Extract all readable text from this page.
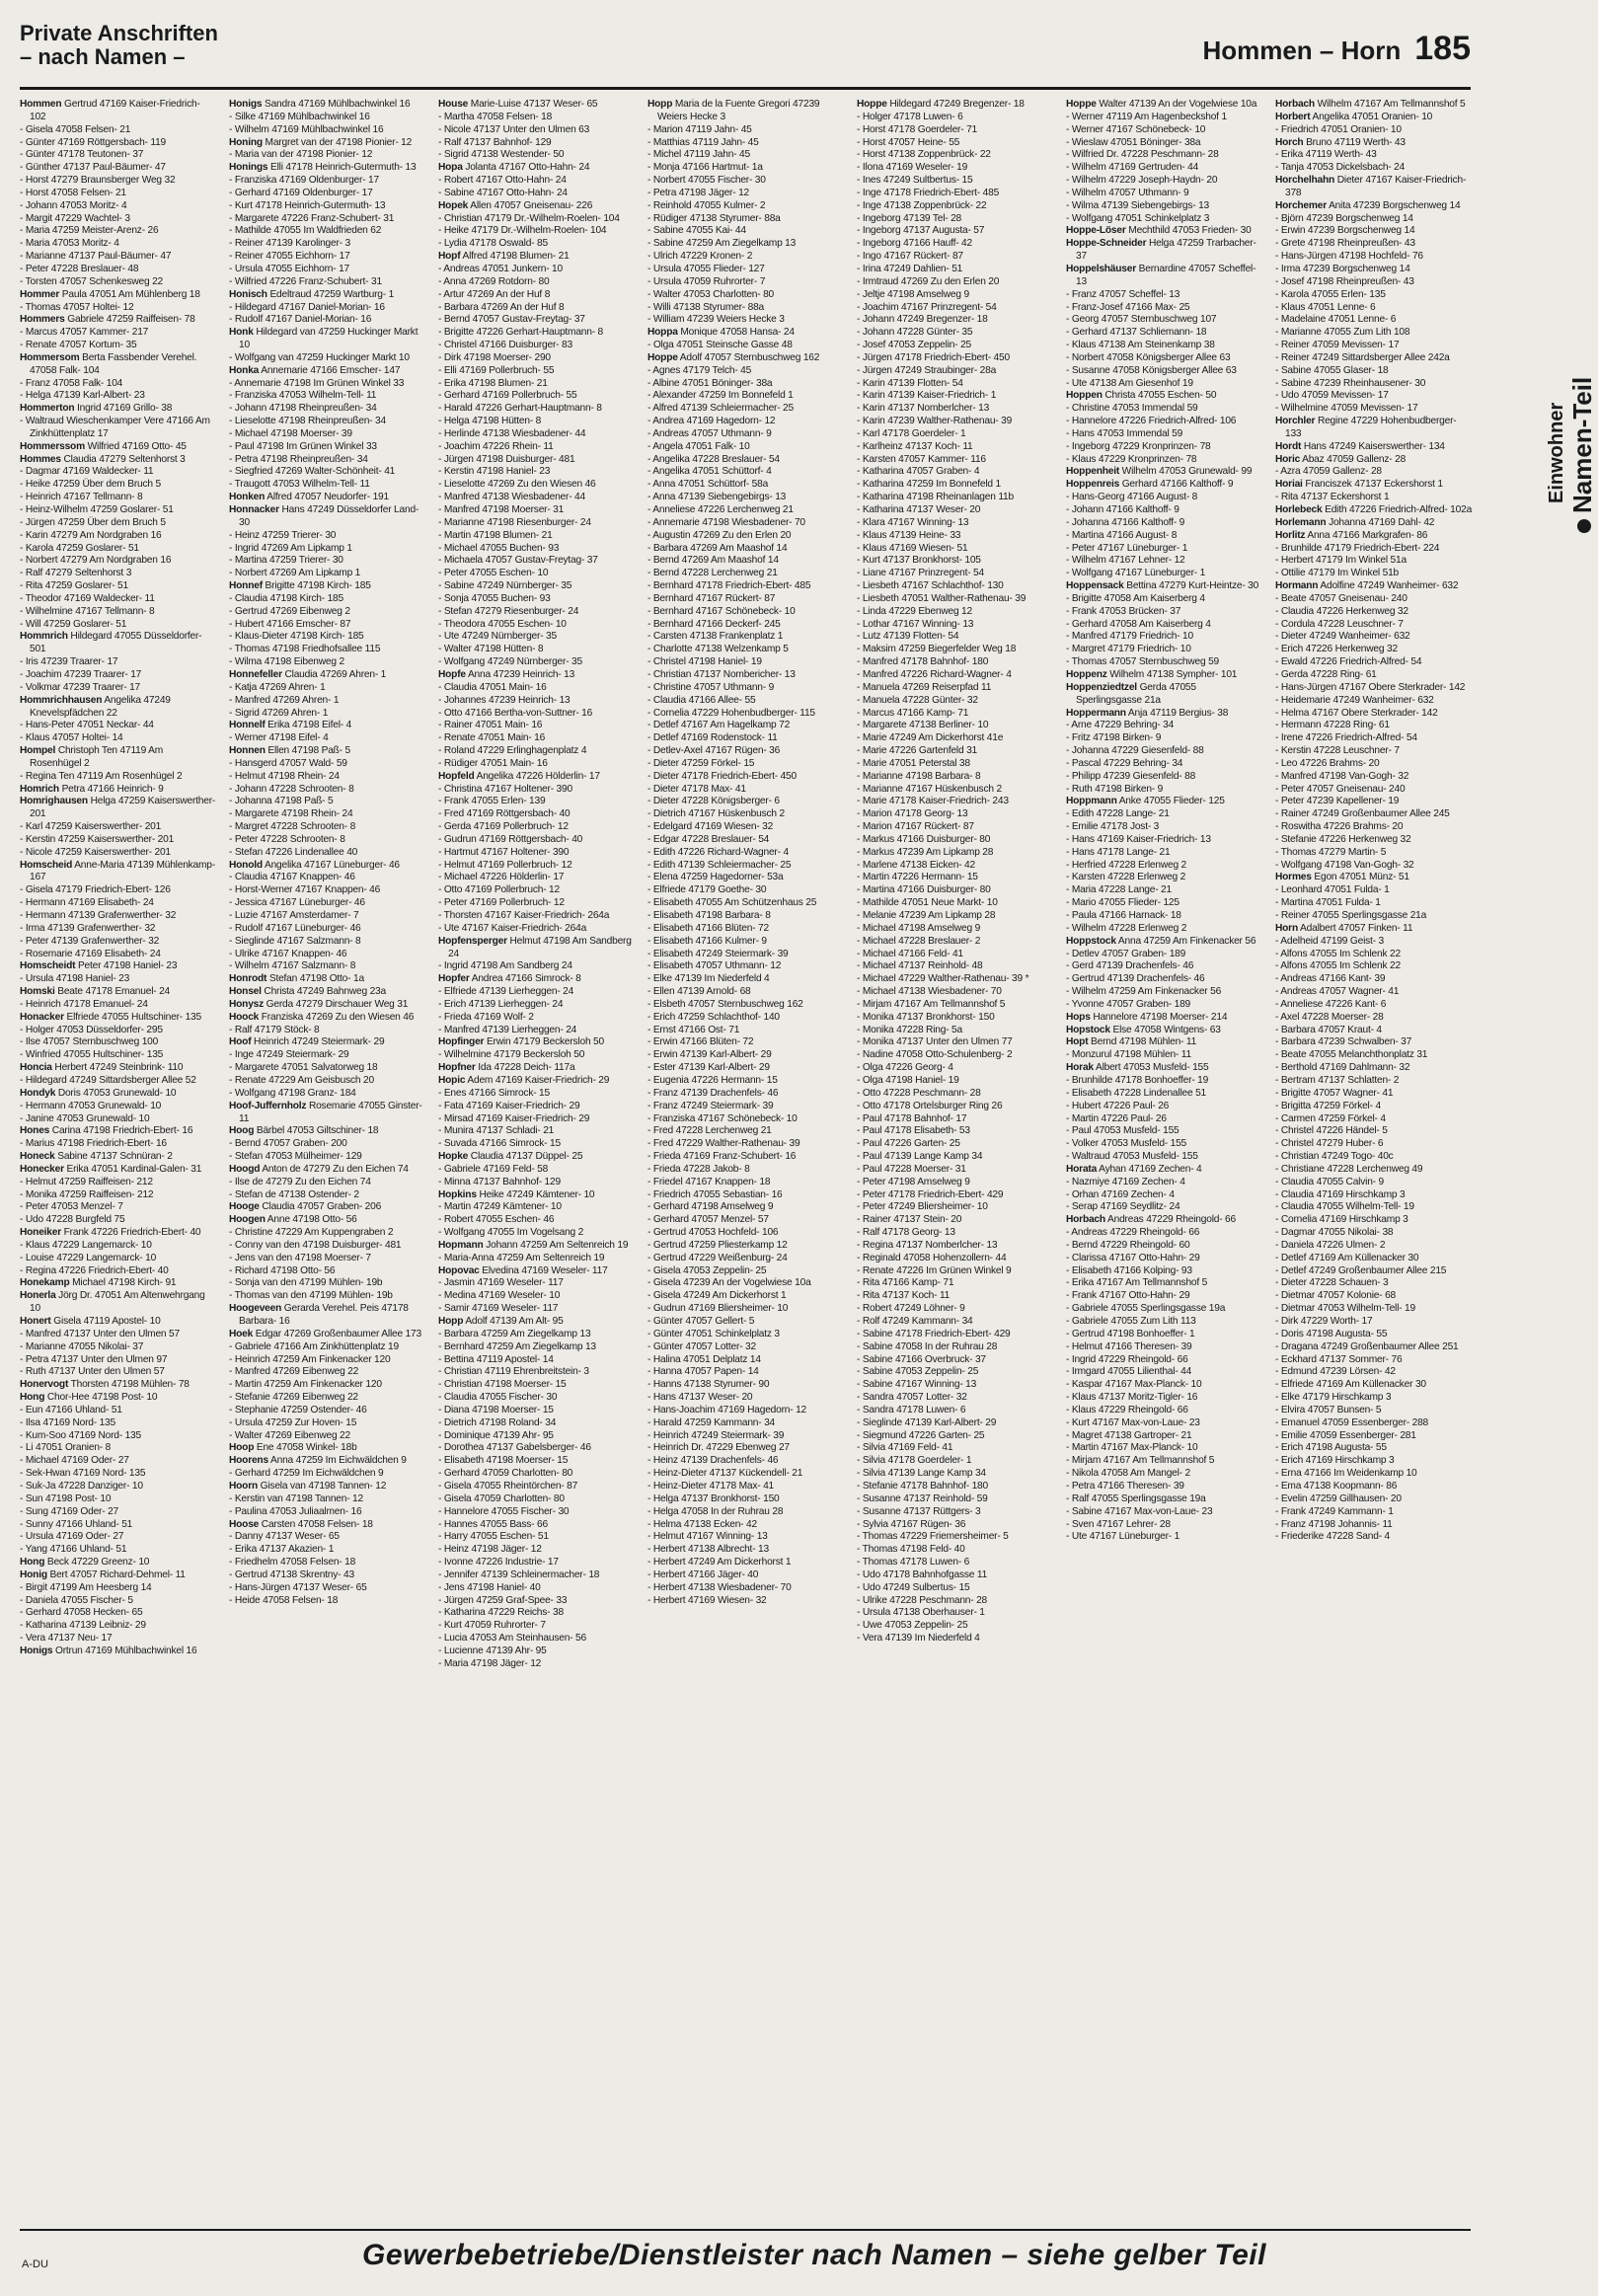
Private Anschriften
– nach Namen –	Hommen – Horn 185

Hommen Gertrud 47169 Kaiser-Friedrich- 102

- Gisela 47058 Felsen- 21

- Günter 47169 Röttgersbach- 119

- Günter 47178 Teutonen- 37

- Günther 47137 Paul-Bäumer- 47

- Horst 47279 Braunsberger Weg 32

- Horst 47058 Felsen- 21

- Johann 47053 Moritz- 4

- Margit 47229 Wachtel- 3

- Maria 47259 Meister-Arenz- 26

- Maria 47053 Moritz- 4

- Marianne 47137 Paul-Bäumer- 47

- Peter 47228 Breslauer- 48

- Torsten 47057 Schenkesweg 22

Hommer Paula 47051 Am Mühlenberg 18

- Thomas 47057 Holtei- 12

Hommers Gabriele 47259 Raiffeisen- 78

- Marcus 47057 Kammer- 217

- Renate 47057 Kortum- 35

Hommersom Berta Fassbender Verehel. 47058 Falk- 104

- Franz 47058 Falk- 104

- Helga 47139 Karl-Albert- 23

Hommerton Ingrid 47169 Grillo- 38

- Waltraud Wieschenkamper Vere 47166 Am Zinkhüttenplatz 17

Hommerssom Wilfried 47169 Otto- 45

Hommes Claudia 47279 Seltenhorst 3

- Dagmar 47169 Waldecker- 11

- Heike 47259 Über dem Bruch 5

- Heinrich 47167 Tellmann- 8

- Heinz-Wilhelm 47259 Goslarer- 51

- Jürgen 47259 Über dem Bruch 5

- Karin 47279 Am Nordgraben 16

- Karola 47259 Goslarer- 51

- Norbert 47279 Am Nordgraben 16

- Ralf 47279 Seltenhorst 3

- Rita 47259 Goslarer- 51

- Theodor 47169 Waldecker- 11

- Wilhelmine 47167 Tellmann- 8

- Will 47259 Goslarer- 51

Hommrich Hildegard 47055 Düsseldorfer- 501

- Iris 47239 Traarer- 17

- Joachim 47239 Traarer- 17

- Volkmar 47239 Traarer- 17

Hommrichhausen Angelika 47249 Knevelspfädchen 22

- Hans-Peter 47051 Neckar- 44

- Klaus 47057 Holtei- 14

Hompel Christoph Ten 47119 Am Rosenhügel 2

- Regina Ten 47119 Am Rosenhügel 2

Homrich Petra 47166 Heinrich- 9

Homrighausen Helga 47259 Kaiserswerther- 201

- Karl 47259 Kaiserswerther- 201

- Kerstin 47259 Kaiserswerther- 201

- Nicole 47259 Kaiserswerther- 201

Homscheid Anne-Maria 47139 Mühlenkamp- 167

- Gisela 47179 Friedrich-Ebert- 126

- Hermann 47169 Elisabeth- 24

- Hermann 47139 Grafenwerther- 32

- Irma 47139 Grafenwerther- 32

- Peter 47139 Grafenwerther- 32

- Rosemarie 47169 Elisabeth- 24

Homscheidt Peter 47198 Haniel- 23

- Ursula 47198 Haniel- 23

Homski Beate 47178 Emanuel- 24

- Heinrich 47178 Emanuel- 24

Honacker Elfriede 47055 Hultschiner- 135

- Holger 47053 Düsseldorfer- 295

- Ilse 47057 Sternbuschweg 100

- Winfried 47055 Hultschiner- 135

Honcia Herbert 47249 Steinbrink- 110

- Hildegard 47249 Sittardsberger Allee 52

Hondyk Doris 47053 Grunewald- 10

- Hermann 47053 Grunewald- 10

- Janine 47053 Grunewald- 10

Hones Carina 47198 Friedrich-Ebert- 16

- Marius 47198 Friedrich-Ebert- 16

Honeck Sabine 47137 Schnüran- 2

Honecker Erika 47051 Kardinal-Galen- 31

- Helmut 47259 Raiffeisen- 212

- Monika 47259 Raiffeisen- 212

- Peter 47053 Menzel- 7

- Udo 47228 Burgfeld 75

Honeiker Frank 47226 Friedrich-Ebert- 40

- Klaus 47229 Langemarck- 10

- Louise 47229 Langemarck- 10

- Regina 47226 Friedrich-Ebert- 40

Honekamp Michael 47198 Kirch- 91

Honerla Jörg Dr. 47051 Am Altenwehrgang 10

Honert Gisela 47119 Apostel- 10

- Manfred 47137 Unter den Ulmen 57

- Marianne 47055 Nikolai- 37

- Petra 47137 Unter den Ulmen 97

- Ruth 47137 Unter den Ulmen 57

Honervogt Thorsten 47198 Mühlen- 78

Hong Chor-Hee 47198 Post- 10

- Eun 47166 Uhland- 51

- Ilsa 47169 Nord- 135

- Kum-Soo 47169 Nord- 135

- Li 47051 Oranien- 8

- Michael 47169 Oder- 27

- Sek-Hwan 47169 Nord- 135

- Suk-Ja 47228 Danziger- 10

- Sun 47198 Post- 10

- Sung 47169 Oder- 27

- Sunny 47166 Uhland- 51

- Ursula 47169 Oder- 27

- Yang 47166 Uhland- 51

Hong Beck 47229 Greenz- 10

Honig Bert 47057 Richard-Dehmel- 11

- Birgit 47199 Am Heesberg 14

- Daniela 47055 Fischer- 5

- Gerhard 47058 Hecken- 65

- Katharina 47139 Leibniz- 29

- Vera 47137 Neu- 17

Honigs Ortrun 47169 Mühlbachwinkel 16

Honigs Sandra 47169 Mühlbachwinkel 16

- Silke 47169 Mühlbachwinkel 16

- Wilhelm 47169 Mühlbachwinkel 16

Honing Margret van der 47198 Pionier- 12

- Maria van der 47198 Pionier- 12

Honings Elli 47178 Heinrich-Gutermuth- 13

- Franziska 47169 Oldenburger- 17

- Gerhard 47169 Oldenburger- 17

- Kurt 47178 Heinrich-Gutermuth- 13

- Margarete 47226 Franz-Schubert- 31

- Mathilde 47055 Im Waldfrieden 62

- Reiner 47139 Karolinger- 3

- Reiner 47055 Eichhorn- 17

- Ursula 47055 Eichhorn- 17

- Wilfried 47226 Franz-Schubert- 31

Honisch Edeltraud 47259 Wartburg- 1

- Hildegard 47167 Daniel-Morian- 16

- Rudolf 47167 Daniel-Morian- 16

Honk Hildegard van 47259 Huckinger Markt 10

- Wolfgang van 47259 Huckinger Markt 10

Honka Annemarie 47166 Emscher- 147

- Annemarie 47198 Im Grünen Winkel 33

- Franziska 47053 Wilhelm-Tell- 11

- Johann 47198 Rheinpreußen- 34

- Lieselotte 47198 Rheinpreußen- 34

- Michael 47198 Moerser- 39

- Paul 47198 Im Grünen Winkel 33

- Petra 47198 Rheinpreußen- 34

- Siegfried 47269 Walter-Schönheit- 41

- Traugott 47053 Wilhelm-Tell- 11

Honken Alfred 47057 Neudorfer- 191

Honnacker Hans 47249 Düsseldorfer Land- 30

- Heinz 47259 Trierer- 30

- Ingrid 47269 Am Lipkamp 1

- Martina 47259 Trierer- 30

- Norbert 47269 Am Lipkamp 1

Honnef Brigitte 47198 Kirch- 185

- Claudia 47198 Kirch- 185

- Gertrud 47269 Eibenweg 2

- Hubert 47166 Emscher- 87

- Klaus-Dieter 47198 Kirch- 185

- Thomas 47198 Friedhofsallee 115

- Wilma 47198 Eibenweg 2

Honnefeller Claudia 47269 Ahren- 1

- Katja 47269 Ahren- 1

- Manfred 47269 Ahren- 1

- Sigrid 47269 Ahren- 1

Honnelf Erika 47198 Eifel- 4

- Werner 47198 Eifel- 4

Honnen Ellen 47198 Paß- 5

- Hansgerd 47057 Wald- 59

- Helmut 47198 Rhein- 24

- Johann 47228 Schrooten- 8

- Johanna 47198 Paß- 5

- Margarete 47198 Rhein- 24

- Margret 47228 Schrooten- 8

- Peter 47228 Schrooten- 8

- Stefan 47226 Lindenallee 40

Honold Angelika 47167 Lüneburger- 46

- Claudia 47167 Knappen- 46

- Horst-Werner 47167 Knappen- 46

- Jessica 47167 Lüneburger- 46

- Luzie 47167 Amsterdamer- 7

- Rudolf 47167 Lüneburger- 46

- Sieglinde 47167 Salzmann- 8

- Ulrike 47167 Knappen- 46

- Wilhelm 47167 Salzmann- 8

Honrodt Stefan 47198 Otto- 1a

Honsel Christa 47249 Bahnweg 23a

Honysz Gerda 47279 Dirschauer Weg 31

Hoock Franziska 47269 Zu den Wiesen 46

- Ralf 47179 Stöck- 8

Hoof Heinrich 47249 Steiermark- 29

- Inge 47249 Steiermark- 29

- Margarete 47051 Salvatorweg 18

- Renate 47229 Am Geisbusch 20

- Wolfgang 47198 Granz- 184

Hoof-Juffernholz Rosemarie 47055 Ginster- 11

Hoog Bärbel 47053 Giltschiner- 18

- Bernd 47057 Graben- 200

- Stefan 47053 Mülheimer- 129

Hoogd Anton de 47279 Zu den Eichen 74

- Ilse de 47279 Zu den Eichen 74

- Stefan de 47138 Ostender- 2

Hooge Claudia 47057 Graben- 206

Hoogen Anne 47198 Otto- 56

- Christine 47229 Am Kuppengraben 2

- Conny van den 47198 Duisburger- 481

- Jens van den 47198 Moerser- 7

- Richard 47198 Otto- 56

- Sonja van den 47199 Mühlen- 19b

- Thomas van den 47199 Mühlen- 19b

Hoogeveen Gerarda Verehel. Peis 47178 Barbara- 16

Hoek Edgar 47269 Großenbaumer Allee 173

- Gabriele 47166 Am Zinkhüttenplatz 19

- Heinrich 47259 Am Finkenacker 120

- Manfred 47269 Eibenweg 22

- Martin 47259 Am Finkenacker 120

- Stefanie 47269 Eibenweg 22

- Stephanie 47259 Ostender- 46

- Ursula 47259 Zur Hoven- 15

- Walter 47269 Eibenweg 22

Hoop Ene 47058 Winkel- 18b

Hoorens Anna 47259 Im Eichwäldchen 9

- Gerhard 47259 Im Eichwäldchen 9

Hoorn Gisela van 47198 Tannen- 12

- Kerstin van 47198 Tannen- 12

- Paulina 47053 Juliaalmen- 16

Hoose Carsten 47058 Felsen- 18

- Danny 47137 Weser- 65

- Erika 47137 Akazien- 1

- Friedhelm 47058 Felsen- 18

- Gertrud 47138 Skrentny- 43

- Hans-Jürgen 47137 Weser- 65

- Heide 47058 Felsen- 18

House Marie-Luise 47137 Weser- 65

- Martha 47058 Felsen- 18

- Nicole 47137 Unter den Ulmen 63

- Ralf 47137 Bahnhof- 129

- Sigrid 47138 Westender- 50

Hopa Jolanta 47167 Otto-Hahn- 24

- Robert 47167 Otto-Hahn- 24

- Sabine 47167 Otto-Hahn- 24

Hopek Allen 47057 Gneisenau- 226

- Christian 47179 Dr.-Wilhelm-Roelen- 104

- Heike 47179 Dr.-Wilhelm-Roelen- 104

- Lydia 47178 Oswald- 85

Hopf Alfred 47198 Blumen- 21

- Andreas 47051 Junkern- 10

- Anna 47269 Rotdorn- 80

- Artur 47269 An der Huf 8

- Barbara 47269 An der Huf 8

- Bernd 47057 Gustav-Freytag- 37

- Brigitte 47226 Gerhart-Hauptmann- 8

- Christel 47166 Duisburger- 83

- Dirk 47198 Moerser- 290

- Elli 47169 Pollerbruch- 55

- Erika 47198 Blumen- 21

- Gerhard 47169 Pollerbruch- 55

- Harald 47226 Gerhart-Hauptmann- 8

- Helga 47198 Hütten- 8

- Herlinde 47138 Wiesbadener- 44

- Joachim 47226 Rhein- 11

- Jürgen 47198 Duisburger- 481

- Kerstin 47198 Haniel- 23

- Lieselotte 47269 Zu den Wiesen 46

- Manfred 47138 Wiesbadener- 44

- Manfred 47198 Moerser- 31

- Marianne 47198 Riesenburger- 24

- Martin 47198 Blumen- 21

- Michael 47055 Buchen- 93

- Michaela 47057 Gustav-Freytag- 37

- Peter 47055 Eschen- 10

- Sabine 47249 Nürnberger- 35

- Sonja 47055 Buchen- 93

- Stefan 47279 Riesenburger- 24

- Theodora 47055 Eschen- 10

- Ute 47249 Nürnberger- 35

- Walter 47198 Hütten- 8

- Wolfgang 47249 Nürnberger- 35

Hopfe Anna 47239 Heinrich- 13

- Claudia 47051 Main- 16

- Johannes 47239 Heinrich- 13

- Otto 47166 Bertha-von-Suttner- 16

- Rainer 47051 Main- 16

- Renate 47051 Main- 16

- Roland 47229 Erlinghagenplatz 4

- Rüdiger 47051 Main- 16

Hopfeld Angelika 47226 Hölderlin- 17

- Christina 47167 Holtener- 390

- Frank 47055 Erlen- 139

- Fred 47169 Röttgersbach- 40

- Gerda 47169 Pollerbruch- 12

- Gudrun 47169 Röttgersbach- 40

- Hartmut 47167 Holtener- 390

- Helmut 47169 Pollerbruch- 12

- Michael 47226 Hölderlin- 17

- Otto 47169 Pollerbruch- 12

- Peter 47169 Pollerbruch- 12

- Thorsten 47167 Kaiser-Friedrich- 264a

- Ute 47167 Kaiser-Friedrich- 264a

Hopfensperger Helmut 47198 Am Sandberg 24

- Ingrid 47198 Am Sandberg 24

Hopfer Andrea 47166 Simrock- 8

- Elfriede 47139 Lierheggen- 24

- Erich 47139 Lierheggen- 24

- Frieda 47169 Wolf- 2

- Manfred 47139 Lierheggen- 24

Hopfinger Erwin 47179 Beckersloh 50

- Wilhelmine 47179 Beckersloh 50

Hopfner Ida 47228 Deich- 117a

Hopic Adem 47169 Kaiser-Friedrich- 29

- Enes 47166 Simrock- 15

- Fata 47169 Kaiser-Friedrich- 29

- Mirsad 47169 Kaiser-Friedrich- 29

- Munira 47137 Schladi- 21

- Suvada 47166 Simrock- 15

Hopke Claudia 47137 Düppel- 25

- Gabriele 47169 Feld- 58

- Minna 47137 Bahnhof- 129

Hopkins Heike 47249 Kämtener- 10

- Martin 47249 Kämtener- 10

- Robert 47055 Eschen- 46

- Wolfgang 47055 Im Vogelsang 2

Hopmann Johann 47259 Am Seltenreich 19

- Maria-Anna 47259 Am Seltenreich 19

Hopovac Elvedina 47169 Weseler- 117

- Jasmin 47169 Weseler- 117

- Medina 47169 Weseler- 10

- Samir 47169 Weseler- 117

Hopp Adolf 47139 Am Alt- 95

- Barbara 47259 Am Ziegelkamp 13

- Bernhard 47259 Am Ziegelkamp 13

- Bettina 47119 Apostel- 14

- Christian 47119 Ehrenbreitstein- 3

- Christian 47198 Moerser- 15

- Claudia 47055 Fischer- 30

- Diana 47198 Moerser- 15

- Dietrich 47198 Roland- 34

- Dominique 47139 Ahr- 95

- Dorothea 47137 Gabelsberger- 46

- Elisabeth 47198 Moerser- 15

- Gerhard 47059 Charlotten- 80

- Gisela 47055 Rheintörchen- 87

- Gisela 47059 Charlotten- 80

- Hannelore 47055 Fischer- 30

- Hannes 47055 Bass- 66

- Harry 47055 Eschen- 51

- Heinz 47198 Jäger- 12

- Ivonne 47226 Industrie- 17

- Jennifer 47139 Schleinermacher- 18

- Jens 47198 Haniel- 40

- Jürgen 47259 Graf-Spee- 33

- Katharina 47229 Reichs- 38

- Kurt 47059 Ruhrorter- 7

- Lucia 47053 Am Steinhausen- 56

- Lucienne 47139 Ahr- 95

- Maria 47198 Jäger- 12

Hopp Maria de la Fuente Gregori 47239 Weiers Hecke 3

- Marion 47119 Jahn- 45

- Matthias 47119 Jahn- 45

- Michel 47119 Jahn- 45

- Monja 47166 Hartmut- 1a

- Norbert 47055 Fischer- 30

- Petra 47198 Jäger- 12

- Reinhold 47055 Kulmer- 2

- Rüdiger 47138 Styrumer- 88a

- Sabine 47055 Kai- 44

- Sabine 47259 Am Ziegelkamp 13

- Ulrich 47229 Kronen- 2

- Ursula 47055 Flieder- 127

- Ursula 47059 Ruhrorter- 7

- Walter 47053 Charlotten- 80

- Willi 47138 Styrumer- 88a

- William 47239 Weiers Hecke 3

Hoppa Monique 47058 Hansa- 24

- Olga 47051 Steinsche Gasse 48

Hoppe Adolf 47057 Sternbuschweg 162

- Agnes 47179 Telch- 45

- Albine 47051 Böninger- 38a

- Alexander 47259 Im Bonnefeld 1

- Alfred 47139 Schleiermacher- 25

- Andrea 47169 Hagedorn- 12

- Andreas 47057 Uthmann- 9

- Angela 47051 Falk- 10

- Angelika 47228 Breslauer- 54

- Angelika 47051 Schüttorf- 4

- Anna 47051 Schüttorf- 58a

- Anna 47139 Siebengebirgs- 13

- Anneliese 47226 Lerchenweg 21

- Annemarie 47198 Wiesbadener- 70

- Augustin 47269 Zu den Erlen 20

- Barbara 47269 Am Maashof 14

- Bernd 47269 Am Maashof 14

- Bernd 47228 Lerchenweg 21

- Bernhard 47178 Friedrich-Ebert- 485

- Bernhard 47167 Rückert- 87

- Bernhard 47167 Schönebeck- 10

- Bernhard 47166 Deckerf- 245

- Carsten 47138 Frankenplatz 1

- Charlotte 47138 Welzenkamp 5

- Christel 47198 Haniel- 19

- Christian 47137 Nombericher- 13

- Christine 47057 Uthmann- 9

- Claudia 47166 Allee- 55

- Cornelia 47229 Hohenbudberger- 115

- Detlef 47167 Am Hagelkamp 72

- Detlef 47169 Rodenstock- 11

- Detlev-Axel 47167 Rügen- 36

- Dieter 47259 Förkel- 15

- Dieter 47178 Friedrich-Ebert- 450

- Dieter 47178 Max- 41

- Dieter 47228 Königsberger- 6

- Dietrich 47167 Hüskenbusch 2

- Edelgard 47169 Wiesen- 32

- Edgar 47228 Breslauer- 54

- Edith 47226 Richard-Wagner- 4

- Edith 47139 Schleiermacher- 25

- Elena 47259 Hagedorner- 53a

- Elfriede 47179 Goethe- 30

- Elisabeth 47055 Am Schützenhaus 25

- Elisabeth 47198 Barbara- 8

- Elisabeth 47166 Blüten- 72

- Elisabeth 47166 Kulmer- 9

- Elisabeth 47249 Steiermark- 39

- Elisabeth 47057 Uthmann- 12

- Elke 47139 Im Niederfeld 4

- Ellen 47139 Arnold- 68

- Elsbeth 47057 Sternbuschweg 162

- Erich 47259 Schlachthof- 140

- Ernst 47166 Ost- 71

- Erwin 47166 Blüten- 72

- Erwin 47139 Karl-Albert- 29

- Ester 47139 Karl-Albert- 29

- Eugenia 47226 Hermann- 15

- Franz 47139 Drachenfels- 46

- Franz 47249 Steiermark- 39

- Franziska 47167 Schönebeck- 10

- Fred 47228 Lerchenweg 21

- Fred 47229 Walther-Rathenau- 39

- Frieda 47169 Franz-Schubert- 16

- Frieda 47228 Jakob- 8

- Friedel 47167 Knappen- 18

- Friedrich 47055 Sebastian- 16

- Gerhard 47198 Amselweg 9

- Gerhard 47057 Menzel- 57

- Gertrud 47053 Hochfeld- 106

- Gertrud 47259 Pliesterkamp 12

- Gertrud 47229 Weißenburg- 24

- Gisela 47053 Zeppelin- 25

- Gisela 47239 An der Vogelwiese 10a

- Gisela 47249 Am Dickerhorst 1

- Gudrun 47169 Bliersheimer- 10

- Günter 47057 Gellert- 5

- Günter 47051 Schinkelplatz 3

- Günter 47057 Lotter- 32

- Halina 47051 Delplatz 14

- Hanna 47057 Papen- 14

- Hanns 47138 Styrumer- 90

- Hans 47137 Weser- 20

- Hans-Joachim 47169 Hagedorn- 12

- Harald 47259 Kammann- 34

- Heinrich 47249 Steiermark- 39

- Heinrich Dr. 47229 Ebenweg 27

- Heinz 47139 Drachenfels- 46

- Heinz-Dieter 47137 Kückendell- 21

- Heinz-Dieter 47178 Max- 41

- Helga 47137 Bronkhorst- 150

- Helga 47058 In der Ruhrau 28

- Helma 47138 Ecken- 42

- Helmut 47167 Winning- 13

- Herbert 47138 Albrecht- 13

- Herbert 47249 Am Dickerhorst 1

- Herbert 47166 Jäger- 40

- Herbert 47138 Wiesbadener- 70

- Herbert 47169 Wiesen- 32

Hoppe Hildegard 47249 Bregenzer- 18

- Holger 47178 Luwen- 6

- Horst 47178 Goerdeler- 71

- Horst 47057 Heine- 55

- Horst 47138 Zoppenbrück- 22

- Ilona 47169 Weseler- 19

- Ines 47249 Sultbertus- 15

- Inge 47178 Friedrich-Ebert- 485

- Inge 47138 Zoppenbrück- 22

- Ingeborg 47139 Tel- 28

- Ingeborg 47137 Augusta- 57

- Ingeborg 47166 Hauff- 42

- Ingo 47167 Rückert- 87

- Irina 47249 Dahlien- 51

- Irmtraud 47269 Zu den Erlen 20

- Jeltje 47198 Amselweg 9

- Joachim 47167 Prinzregent- 54

- Johann 47249 Bregenzer- 18

- Johann 47228 Günter- 35

- Josef 47053 Zeppelin- 25

- Jürgen 47178 Friedrich-Ebert- 450

- Jürgen 47249 Straubinger- 28a

- Karin 47139 Flotten- 54

- Karin 47139 Kaiser-Friedrich- 1

- Karin 47137 Nomberlcher- 13

- Karin 47239 Walther-Rathenau- 39

- Karl 47178 Goerdeler- 1

- Karlheinz 47137 Koch- 11

- Karsten 47057 Kammer- 116

- Katharina 47057 Graben- 4

- Katharina 47259 Im Bonnefeld 1

- Katharina 47198 Rheinanlagen 11b

- Katharina 47137 Weser- 20

- Klara 47167 Winning- 13

- Klaus 47139 Heine- 33

- Klaus 47169 Wiesen- 51

- Kurt 47137 Bronkhorst- 105

- Liane 47167 Prinzregent- 54

- Liesbeth 47167 Schlachthof- 130

- Liesbeth 47051 Walther-Rathenau- 39

- Linda 47229 Ebenweg 12

- Lothar 47167 Winning- 13

- Lutz 47139 Flotten- 54

- Maksim 47259 Biegerfelder Weg 18

- Manfred 47178 Bahnhof- 180

- Manfred 47226 Richard-Wagner- 4

- Manuela 47269 Reiserpfad 11

- Manuela 47228 Günter- 32

- Marcus 47166 Kamp- 71

- Margarete 47138 Berliner- 10

- Marie 47249 Am Dickerhorst 41e

- Marie 47226 Gartenfeld 31

- Marie 47051 Peterstal 38

- Marianne 47198 Barbara- 8

- Marianne 47167 Hüskenbusch 2

- Marie 47178 Kaiser-Friedrich- 243

- Marion 47178 Georg- 13

- Marion 47167 Rückert- 87

- Markus 47166 Duisburger- 80

- Markus 47239 Am Lipkamp 28

- Marlene 47138 Eicken- 42

- Martin 47226 Hermann- 15

- Martina 47166 Duisburger- 80

- Mathilde 47051 Neue Markt- 10

- Melanie 47239 Am Lipkamp 28

- Michael 47198 Amselweg 9

- Michael 47228 Breslauer- 2

- Michael 47166 Feld- 41

- Michael 47137 Reinhold- 48

- Michael 47229 Walther-Rathenau- 39 *

- Michael 47138 Wiesbadener- 70

- Mirjam 47167 Am Tellmannshof 5

- Monika 47137 Bronkhorst- 150

- Monika 47228 Ring- 5a

- Monika 47137 Unter den Ulmen 77

- Nadine 47058 Otto-Schulenberg- 2

- Olga 47226 Georg- 4

- Olga 47198 Haniel- 19

- Otto 47228 Peschmann- 28

- Otto 47178 Ortelsburger Ring 26

- Paul 47178 Bahnhof- 17

- Paul 47178 Elisabeth- 53

- Paul 47226 Garten- 25

- Paul 47139 Lange Kamp 34

- Paul 47228 Moerser- 31

- Peter 47198 Amselweg 9

- Peter 47178 Friedrich-Ebert- 429

- Peter 47249 Bliersheimer- 10

- Rainer 47137 Stein- 20

- Ralf 47178 Georg- 13

- Regina 47137 Nomberlcher- 13

- Reginald 47058 Hohenzollern- 44

- Renate 47226 Im Grünen Winkel 9

- Rita 47166 Kamp- 71

- Rita 47137 Koch- 11

- Robert 47249 Löhner- 9

- Rolf 47249 Kammann- 34

- Sabine 47178 Friedrich-Ebert- 429

- Sabine 47058 In der Ruhrau 28

- Sabine 47166 Overbruck- 37

- Sabine 47053 Zeppelin- 25

- Sabine 47167 Winning- 13

- Sandra 47057 Lotter- 32

- Sandra 47178 Luwen- 6

- Sieglinde 47139 Karl-Albert- 29

- Siegmund 47226 Garten- 25

- Silvia 47169 Feld- 41

- Silvia 47178 Goerdeler- 1

- Silvia 47139 Lange Kamp 34

- Stefanie 47178 Bahnhof- 180

- Susanne 47137 Reinhold- 59

- Susanne 47137 Rüttgers- 3

- Sylvia 47167 Rügen- 36

- Thomas 47229 Friemersheimer- 5

- Thomas 47198 Feld- 40

- Thomas 47178 Luwen- 6

- Udo 47178 Bahnhofgasse 11

- Udo 47249 Sulbertus- 15

- Ulrike 47228 Peschmann- 28

- Ursula 47138 Oberhauser- 1

- Uwe 47053 Zeppelin- 25

- Vera 47139 Im Niederfeld 4

Hoppe Walter 47139 An der Vogelwiese 10a

- Werner 47119 Am Hagenbeckshof 1

- Werner 47167 Schönebeck- 10

- Wieslaw 47051 Böninger- 38a

- Wilfried Dr. 47228 Peschmann- 28

- Wilhelm 47169 Gertruden- 44

- Wilhelm 47229 Joseph-Haydn- 20

- Wilhelm 47057 Uthmann- 9

- Wilma 47139 Siebengebirgs- 13

- Wolfgang 47051 Schinkelplatz 3

Hoppe-Löser Mechthild 47053 Frieden- 30

Hoppe-Schneider Helga 47259 Trarbacher- 37

Hoppelshäuser Bernardine 47057 Scheffel- 13

- Franz 47057 Scheffel- 13

- Franz-Josef 47166 Max- 25

- Georg 47057 Sternbuschweg 107

- Gerhard 47137 Schliemann- 18

- Klaus 47138 Am Steinenkamp 38

- Norbert 47058 Königsberger Allee 63

- Susanne 47058 Königsberger Allee 63

- Ute 47138 Am Giesenhof 19

Hoppen Christa 47055 Eschen- 50

- Christine 47053 Immendal 59

- Hannelore 47226 Friedrich-Alfred- 106

- Hans 47053 Immendal 59

- Ingeborg 47229 Kronprinzen- 78

- Klaus 47229 Kronprinzen- 78

Hoppenheit Wilhelm 47053 Grunewald- 99

Hoppenreis Gerhard 47166 Kalthoff- 9

- Hans-Georg 47166 August- 8

- Johann 47166 Kalthoff- 9

- Johanna 47166 Kalthoff- 9

- Martina 47166 August- 8

- Peter 47167 Lüneburger- 1

- Wilhelm 47167 Lehner- 12

- Wolfgang 47167 Lüneburger- 1

Hoppensack Bettina 47279 Kurt-Heintze- 30

- Brigitte 47058 Am Kaiserberg 4

- Frank 47053 Brücken- 37

- Gerhard 47058 Am Kaiserberg 4

- Manfred 47179 Friedrich- 10

- Margret 47179 Friedrich- 10

- Thomas 47057 Sternbuschweg 59

Hoppenz Wilhelm 47138 Sympher- 101

Hoppenziedtzel Gerda 47055 Sperlingsgasse 21a

Hoppermann Anja 47119 Bergius- 38

- Arne 47229 Behring- 34

- Fritz 47198 Birken- 9

- Johanna 47229 Giesenfeld- 88

- Pascal 47229 Behring- 34

- Philipp 47239 Giesenfeld- 88

- Ruth 47198 Birken- 9

Hoppmann Anke 47055 Flieder- 125

- Edith 47228 Lange- 21

- Emilie 47178 Jost- 3

- Hans 47169 Kaiser-Friedrich- 13

- Hans 47178 Lange- 21

- Herfried 47228 Erlenweg 2

- Karsten 47228 Erlenweg 2

- Maria 47228 Lange- 21

- Mario 47055 Flieder- 125

- Paula 47166 Harnack- 18

- Wilhelm 47228 Erlenweg 2

Hoppstock Anna 47259 Am Finkenacker 56

- Detlev 47057 Graben- 189

- Gerd 47139 Drachenfels- 46

- Gertrud 47139 Drachenfels- 46

- Wilhelm 47259 Am Finkenacker 56

- Yvonne 47057 Graben- 189

Hops Hannelore 47198 Moerser- 214

Hopstock Else 47058 Wintgens- 63

Hopt Bernd 47198 Mühlen- 11

- Monzurul 47198 Mühlen- 11

Horak Albert 47053 Musfeld- 155

- Brunhilde 47178 Bonhoeffer- 19

- Elisabeth 47228 Lindenallee 51

- Hubert 47226 Paul- 26

- Martin 47226 Paul- 26

- Paul 47053 Musfeld- 155

- Volker 47053 Musfeld- 155

- Waltraud 47053 Musfeld- 155

Horata Ayhan 47169 Zechen- 4

- Nazmiye 47169 Zechen- 4

- Orhan 47169 Zechen- 4

- Serap 47169 Seydlitz- 24

Horbach Andreas 47229 Rheingold- 66

- Andreas 47229 Rheingold- 66

- Bernd 47229 Rheingold- 60

- Clarissa 47167 Otto-Hahn- 29

- Elisabeth 47166 Kolping- 93

- Erika 47167 Am Tellmannshof 5

- Frank 47167 Otto-Hahn- 29

- Gabriele 47055 Sperlingsgasse 19a

- Gabriele 47055 Zum Lith 113

- Gertrud 47198 Bonhoeffer- 1

- Helmut 47166 Theresen- 39

- Ingrid 47229 Rheingold- 66

- Irmgard 47055 Lilienthal- 44

- Kaspar 47167 Max-Planck- 10

- Klaus 47137 Moritz-Tigler- 16

- Klaus 47229 Rheingold- 66

- Kurt 47167 Max-von-Laue- 23

- Magret 47138 Gartroper- 21

- Martin 47167 Max-Planck- 10

- Mirjam 47167 Am Tellmannshof 5

- Nikola 47058 Am Mangel- 2

- Petra 47166 Theresen- 39

- Ralf 47055 Sperlingsgasse 19a

- Sabine 47167 Max-von-Laue- 23

- Sven 47167 Lehrer- 28

- Ute 47167 Lüneburger- 1

Horbach Wilhelm 47167 Am Tellmannshof 5

Horbert Angelika 47051 Oranien- 10

- Friedrich 47051 Oranien- 10

Horch Bruno 47119 Werth- 43

- Erika 47119 Werth- 43

- Tanja 47053 Dickelsbach- 24

Horchelhahn Dieter 47167 Kaiser-Friedrich- 378

Horchemer Anita 47239 Borgschenweg 14

- Björn 47239 Borgschenweg 14

- Erwin 47239 Borgschenweg 14

- Grete 47198 Rheinpreußen- 43

- Hans-Jürgen 47198 Hochfeld- 76

- Irma 47239 Borgschenweg 14

- Josef 47198 Rheinpreußen- 43

- Karola 47055 Erlen- 135

- Klaus 47051 Lenne- 6

- Madelaine 47051 Lenne- 6

- Marianne 47055 Zum Lith 108

- Reiner 47059 Mevissen- 17

- Reiner 47249 Sittardsberger Allee 242a

- Sabine 47055 Glaser- 18

- Sabine 47239 Rheinhausener- 30

- Udo 47059 Mevissen- 17

- Wilhelmine 47059 Mevissen- 17

Horchler Regine 47229 Hohenbudberger- 133

Hordt Hans 47249 Kaiserswerther- 134

Horic Abaz 47059 Gallenz- 28

- Azra 47059 Gallenz- 28

Horiai Franciszek 47137 Eckershorst 1

- Rita 47137 Eckershorst 1

Horlebeck Edith 47226 Friedrich-Alfred- 102a

Horlemann Johanna 47169 Dahl- 42

Horlitz Anna 47166 Markgrafen- 86

- Brunhilde 47179 Friedrich-Ebert- 224

- Herbert 47179 Im Winkel 51a

- Ottilie 47179 Im Winkel 51b

Hormann Adolfine 47249 Wanheimer- 632

- Beate 47057 Gneisenau- 240

- Claudia 47226 Herkenweg 32

- Cordula 47228 Leuschner- 7

- Dieter 47249 Wanheimer- 632

- Erich 47226 Herkenweg 32

- Ewald 47226 Friedrich-Alfred- 54

- Gerda 47228 Ring- 61

- Hans-Jürgen 47167 Obere Sterkrader- 142

- Heidemarie 47249 Wanheimer- 632

- Helma 47167 Obere Sterkrader- 142

- Hermann 47228 Ring- 61

- Irene 47226 Friedrich-Alfred- 54

- Kerstin 47228 Leuschner- 7

- Leo 47226 Brahms- 20

- Manfred 47198 Van-Gogh- 32

- Peter 47057 Gneisenau- 240

- Peter 47239 Kapellener- 19

- Rainer 47249 Großenbaumer Allee 245

- Roswitha 47226 Brahms- 20

- Stefanie 47226 Herkenweg 32

- Thomas 47279 Martin- 5

- Wolfgang 47198 Van-Gogh- 32

Hormes Egon 47051 Münz- 51

- Leonhard 47051 Fulda- 1

- Martina 47051 Fulda- 1

- Reiner 47055 Sperlingsgasse 21a

Horn Adalbert 47057 Finken- 11

- Adelheid 47199 Geist- 3

- Alfons 47055 Im Schlenk 22

- Alfons 47055 Im Schlenk 22

- Andreas 47166 Kant- 39

- Andreas 47057 Wagner- 41

- Anneliese 47226 Kant- 6

- Axel 47228 Moerser- 28

- Barbara 47057 Kraut- 4

- Barbara 47239 Schwalben- 37

- Beate 47055 Melanchthonplatz 31

- Berthold 47169 Dahlmann- 32

- Bertram 47137 Schlatten- 2

- Brigitte 47057 Wagner- 41

- Brigitta 47259 Förkel- 4

- Carmen 47259 Förkel- 4

- Christel 47226 Händel- 5

- Christel 47279 Huber- 6

- Christian 47249 Togo- 40c

- Christiane 47228 Lerchenweg 49

- Claudia 47055 Calvin- 9

- Claudia 47169 Hirschkamp 3

- Claudia 47055 Wilhelm-Tell- 19

- Cornelia 47169 Hirschkamp 3

- Dagmar 47055 Nikolai- 38

- Daniela 47226 Ulmen- 2

- Detlef 47169 Am Küllenacker 30

- Detlef 47249 Großenbaumer Allee 215

- Dieter 47228 Schauen- 3

- Dietmar 47057 Kolonie- 68

- Dietmar 47053 Wilhelm-Tell- 19

- Dirk 47229 Worth- 17

- Doris 47198 Augusta- 55

- Dragana 47249 Großenbaumer Allee 251

- Eckhard 47137 Sommer- 76

- Edmund 47239 Lörsen- 42

- Elfriede 47169 Am Küllenacker 30

- Elke 47179 Hirschkamp 3

- Elvira 47057 Bunsen- 5

- Emanuel 47059 Essenberger- 288

- Emilie 47059 Essenberger- 281

- Erich 47198 Augusta- 55

- Erich 47169 Hirschkamp 3

- Erna 47166 Im Weidenkamp 10

- Ema 47138 Koopmann- 86

- Evelin 47259 Gillhausen- 20

- Frank 47249 Kammann- 1

- Franz 47198 Johannis- 11

- Friederike 47228 Sand- 4

Einwohner Namen-Teil
A-DU	Gewerbebetriebe/Dienstleister nach Namen – siehe gelber Teil
